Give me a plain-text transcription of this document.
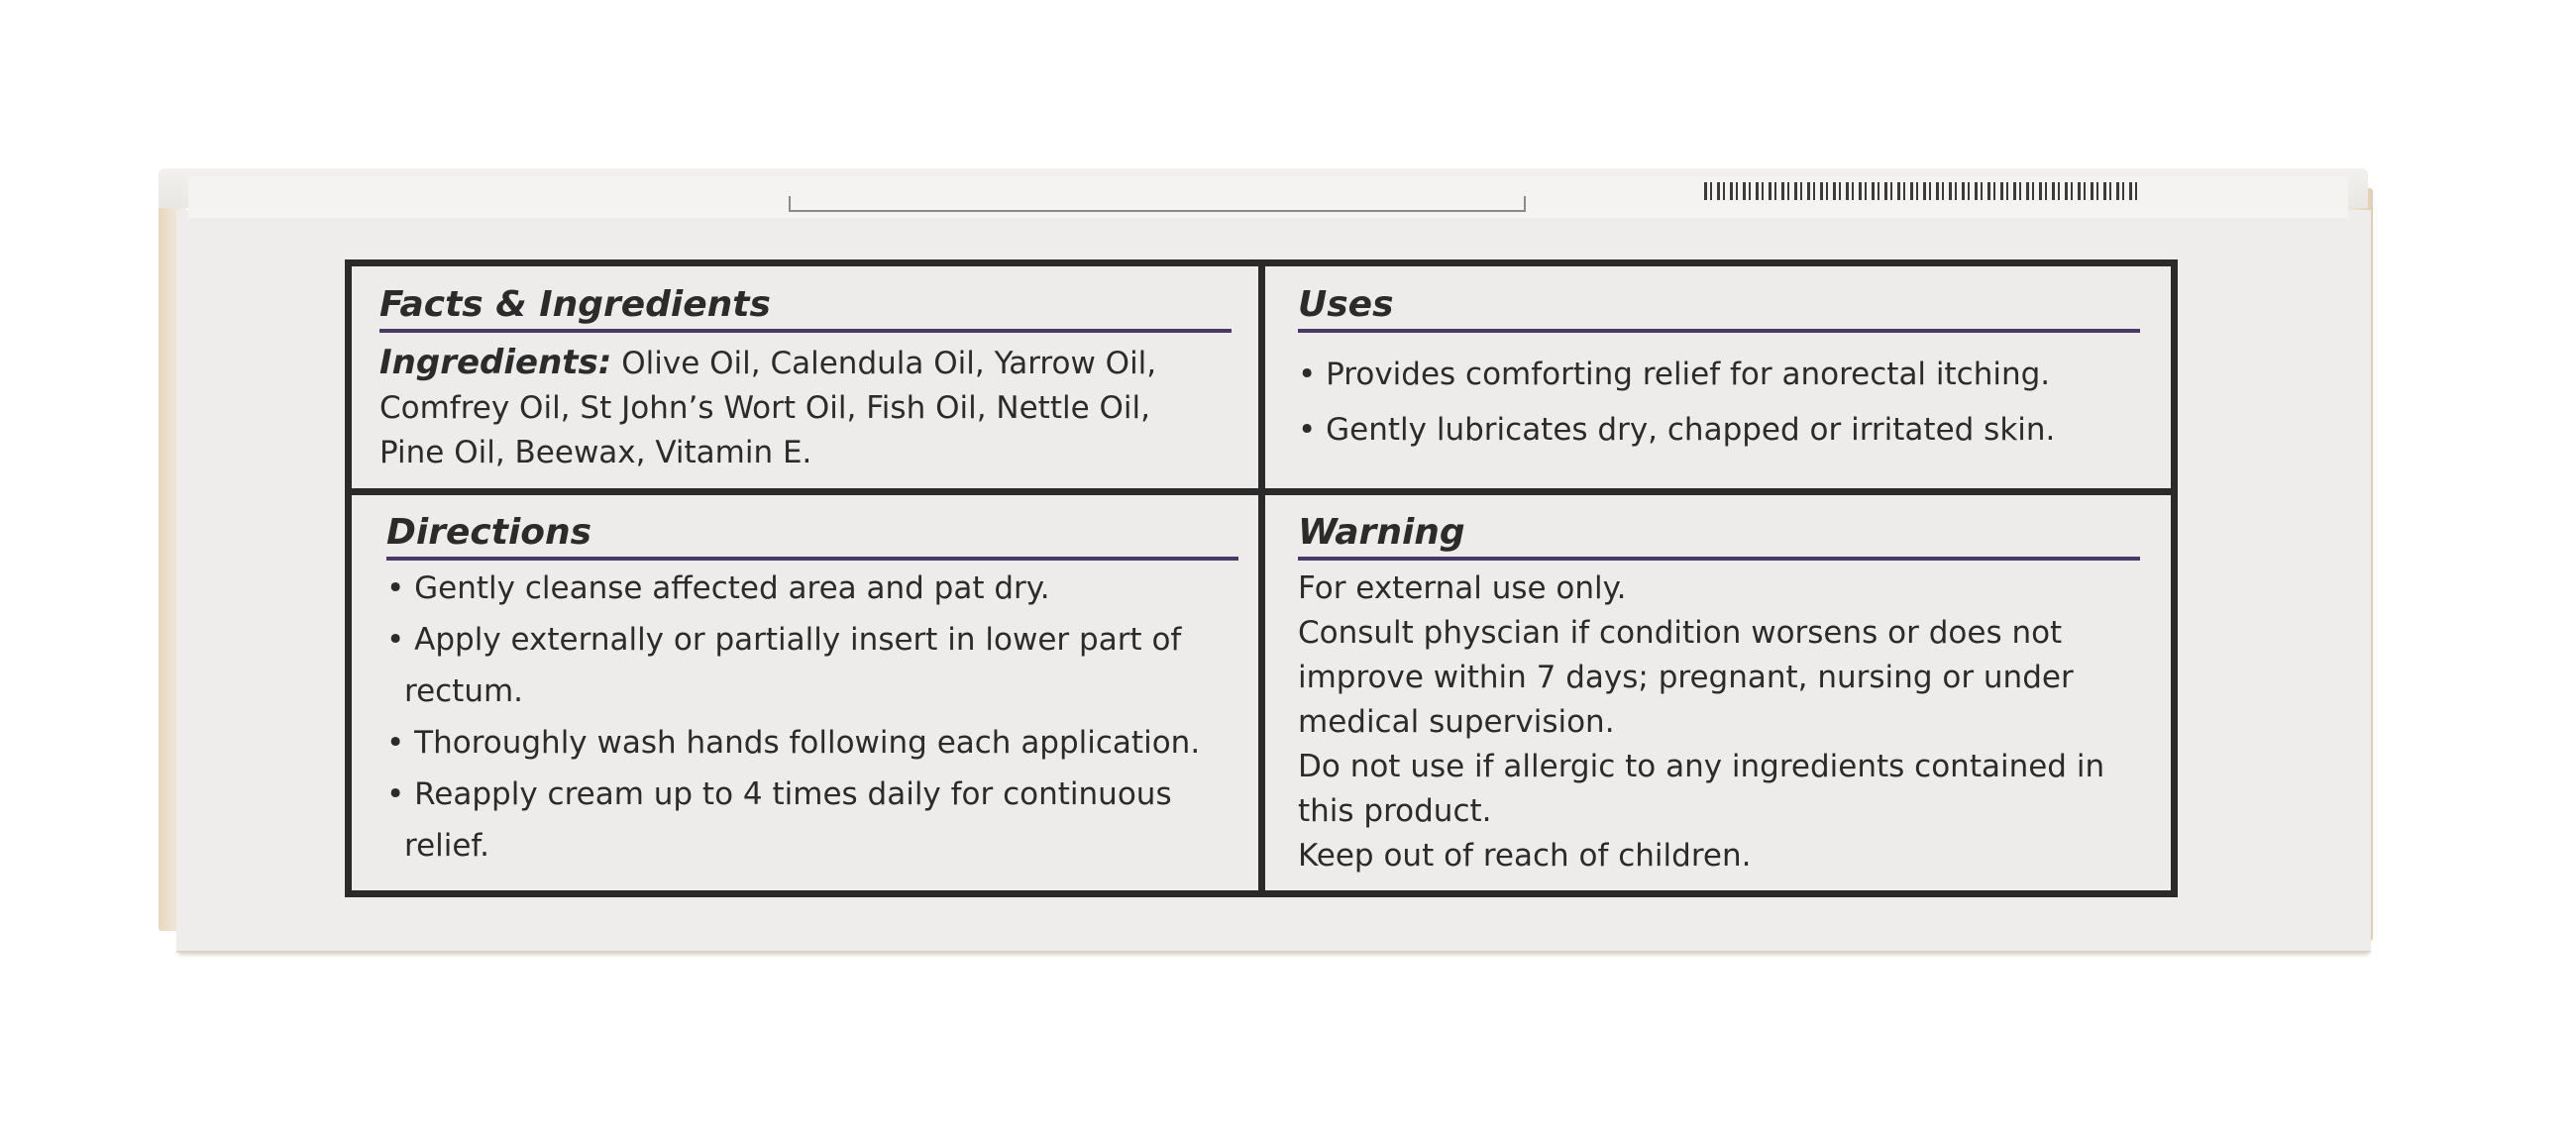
Facts & Ingredients
Ingredients: Olive Oil, Calendula Oil, Yarrow Oil,
Comfrey Oil, St John’s Wort Oil, Fish Oil, Nettle Oil,
Pine Oil, Beewax, Vitamin E.
Uses
• Provides comforting relief for anorectal itching.
• Gently lubricates dry, chapped or irritated skin.
Directions
• Gently cleanse affected area and pat dry.
• Apply externally or partially insert in lower part of
rectum.
• Thoroughly wash hands following each application.
• Reapply cream up to 4 times daily for continuous
relief.
Warning
For external use only.
Consult physcian if condition worsens or does not
improve within 7 days; pregnant, nursing or under
medical supervision.
Do not use if allergic to any ingredients contained in
this product.
Keep out of reach of children.
